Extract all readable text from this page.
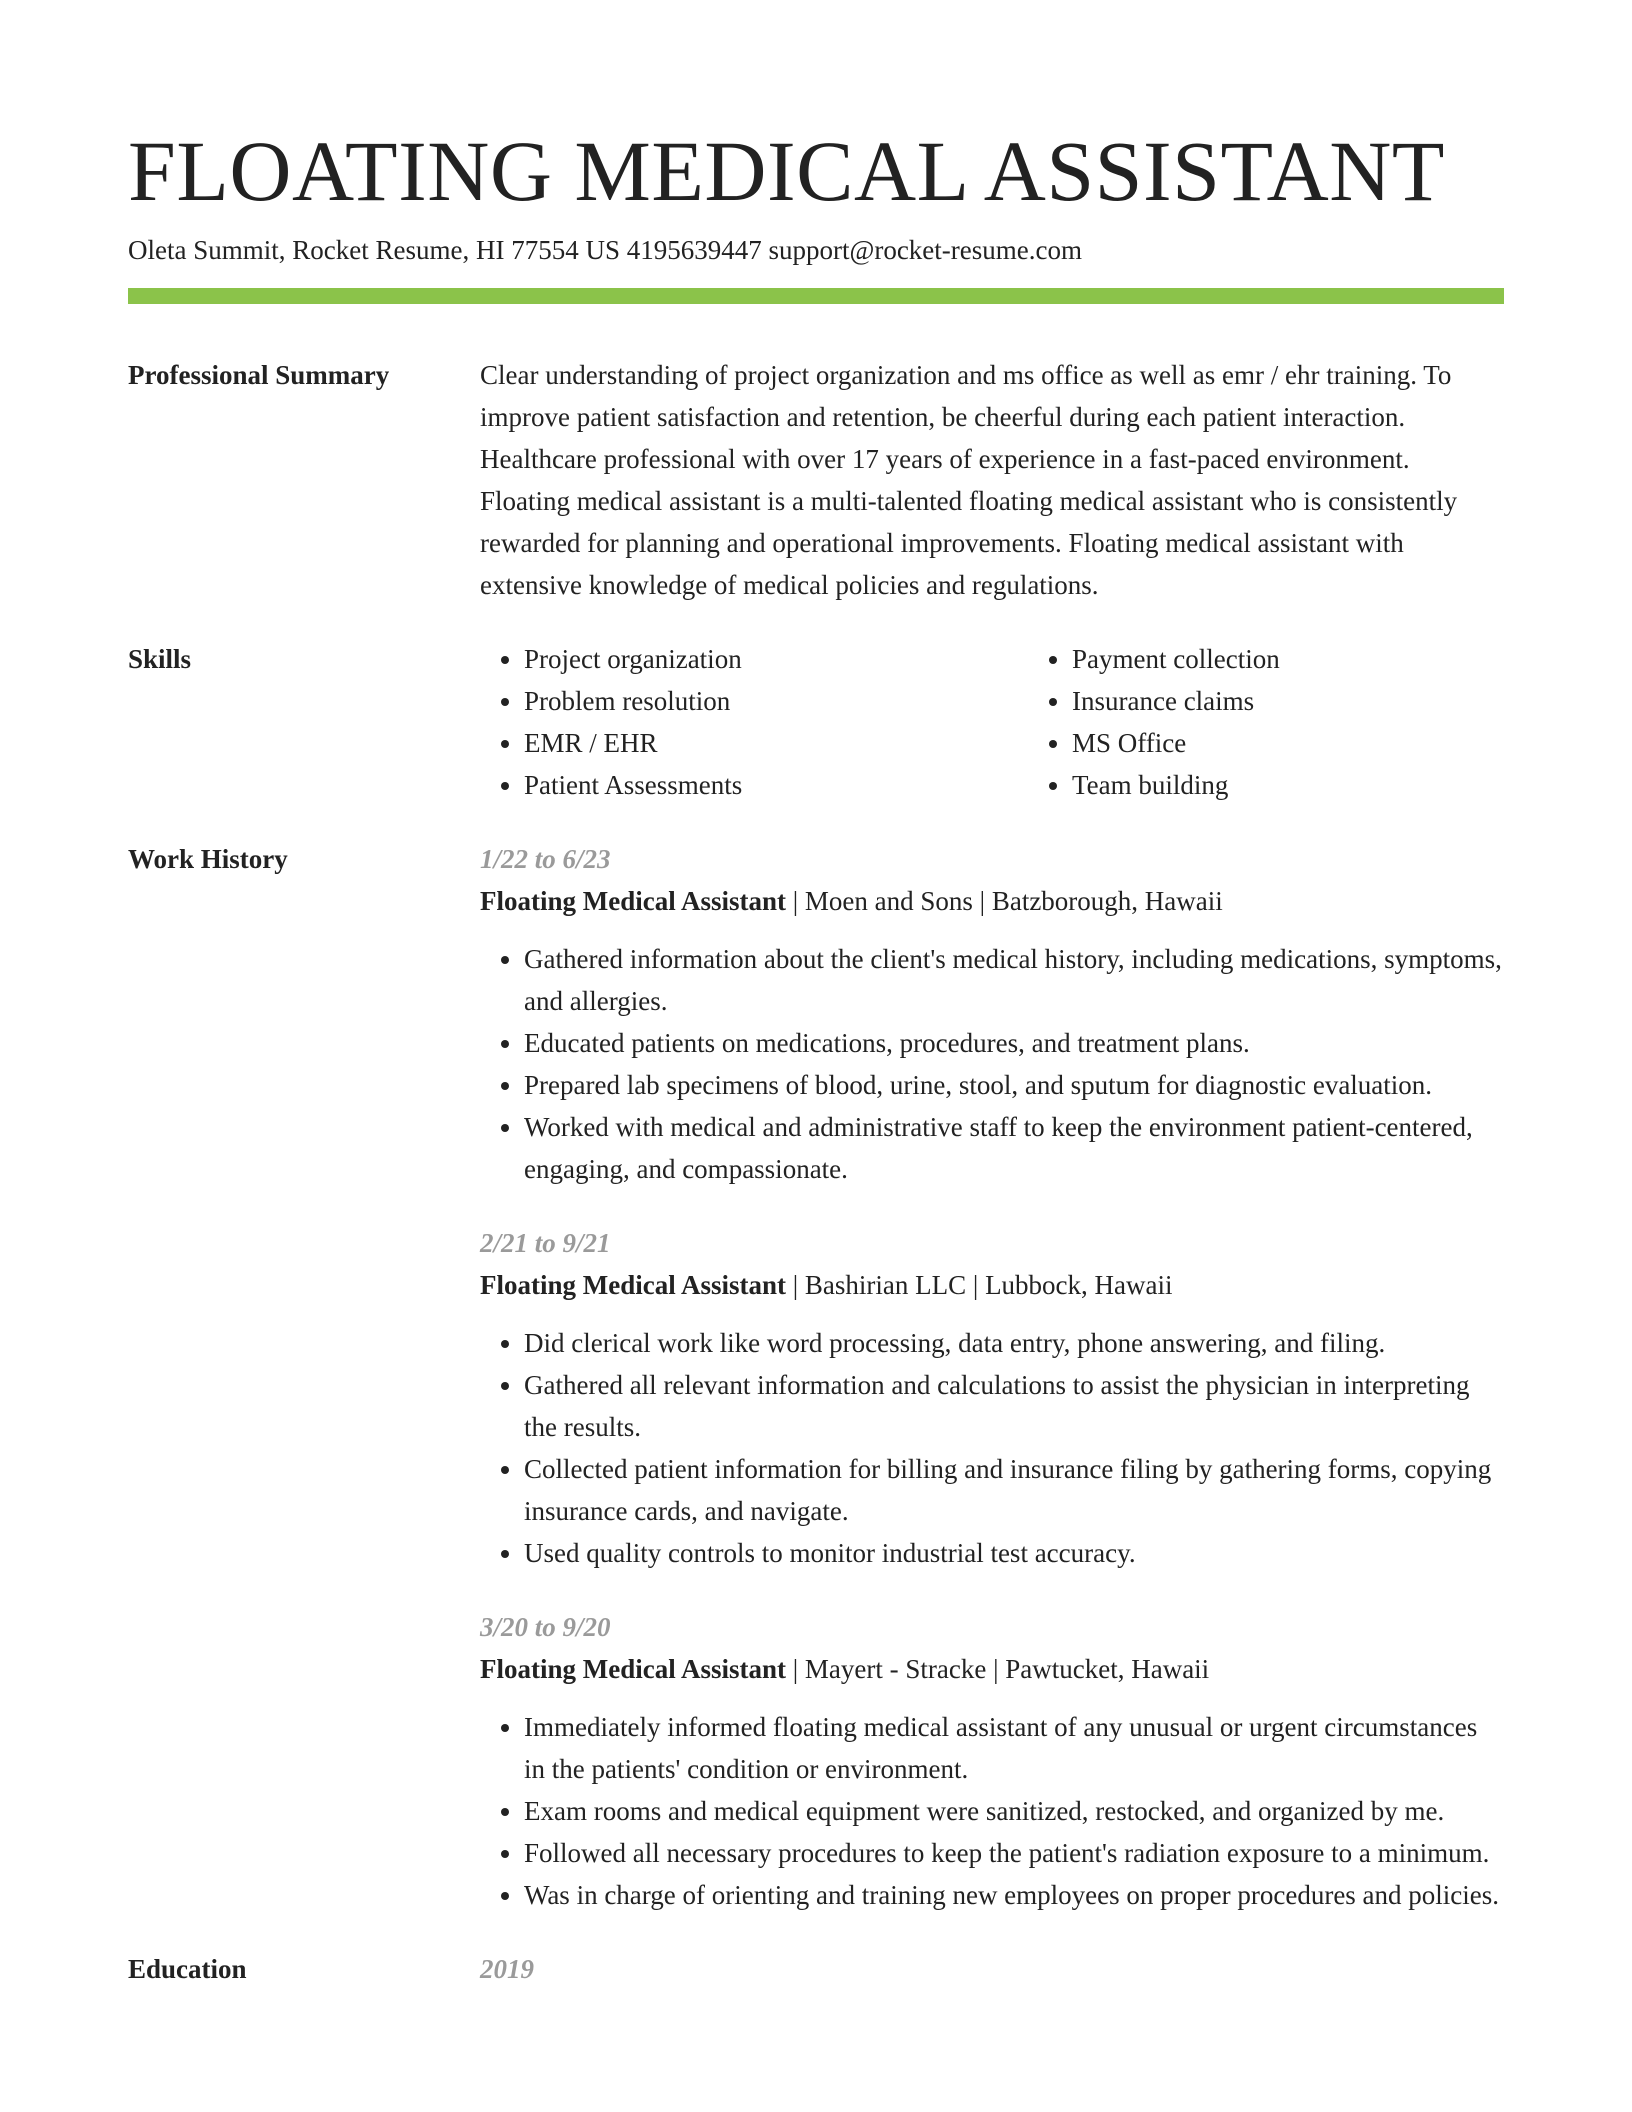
FLOATING MEDICAL ASSISTANT
Oleta Summit, Rocket Resume, HI 77554 US 4195639447 support@rocket-resume.com
Professional Summary	Clear understanding of project organization and ms office as well as emr / ehr training. To improve patient satisfaction and retention, be cheerful during each patient interaction. Healthcare professional with over 17 years of experience in a fast-paced environment. Floating medical assistant is a multi-talented floating medical assistant who is consistently rewarded for planning and operational improvements. Floating medical assistant with extensive knowledge of medical policies and regulations.
Skills
•	Project organization
• Problem resolution
• EMR / EHR
• Patient Assessments
• Payment collection
• Insurance claims
• MS Office
• Team building
Work History	1/22 to 6/23
Floating Medical Assistant | Moen and Sons | Batzborough, Hawaii
• Gathered information about the client's medical history, including medications, symptoms, and allergies.
• Educated patients on medications, procedures, and treatment plans.
• Prepared lab specimens of blood, urine, stool, and sputum for diagnostic evaluation.
• Worked with medical and administrative staff to keep the environment patient-centered, engaging, and compassionate.
2/21 to 9/21
Floating Medical Assistant | Bashirian LLC | Lubbock, Hawaii
• Did clerical work like word processing, data entry, phone answering, and filing.
• Gathered all relevant information and calculations to assist the physician in interpreting the results.
• Collected patient information for billing and insurance filing by gathering forms, copying insurance cards, and navigate.
• Used quality controls to monitor industrial test accuracy.
3/20 to 9/20
Floating Medical Assistant | Mayert - Stracke | Pawtucket, Hawaii
• Immediately informed floating medical assistant of any unusual or urgent circumstances in the patients' condition or environment.
• Exam rooms and medical equipment were sanitized, restocked, and organized by me.
• Followed all necessary procedures to keep the patient's radiation exposure to a minimum.
• Was in charge of orienting and training new employees on proper procedures and policies.
Education	2019
